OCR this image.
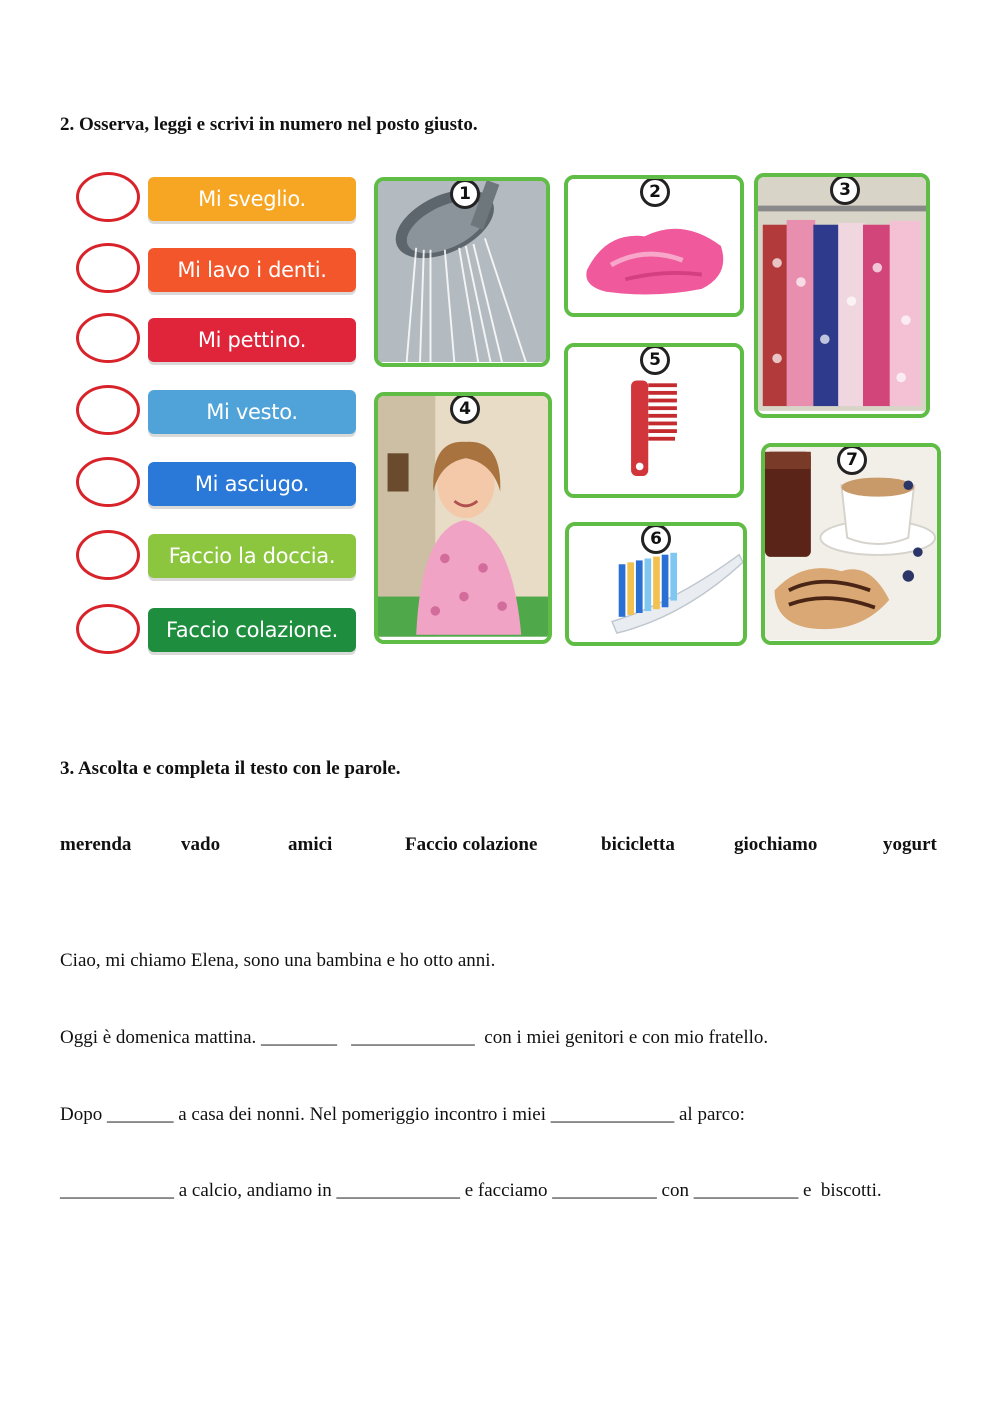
2. Osserva, leggi e scrivi in numero nel posto giusto.
Mi sveglio.
Mi lavo i denti.
Mi pettino.
Mi vesto.
Mi asciugo.
Faccio la doccia.
Faccio colazione.
1	2	3
4
5
6
7
3. Ascolta e completa il testo con le parole.
merenda	vado	amici	Faccio colazione	bicicletta	giochiamo	yogurt
Ciao, mi chiamo Elena, sono una bambina e ho otto anni.
Oggi è domenica mattina. ________   _____________  con i miei genitori e con mio fratello.
Dopo _______ a casa dei nonni. Nel pomeriggio incontro i miei _____________ al parco:
____________ a calcio, andiamo in _____________ e facciamo ___________ con ___________ e  biscotti.
